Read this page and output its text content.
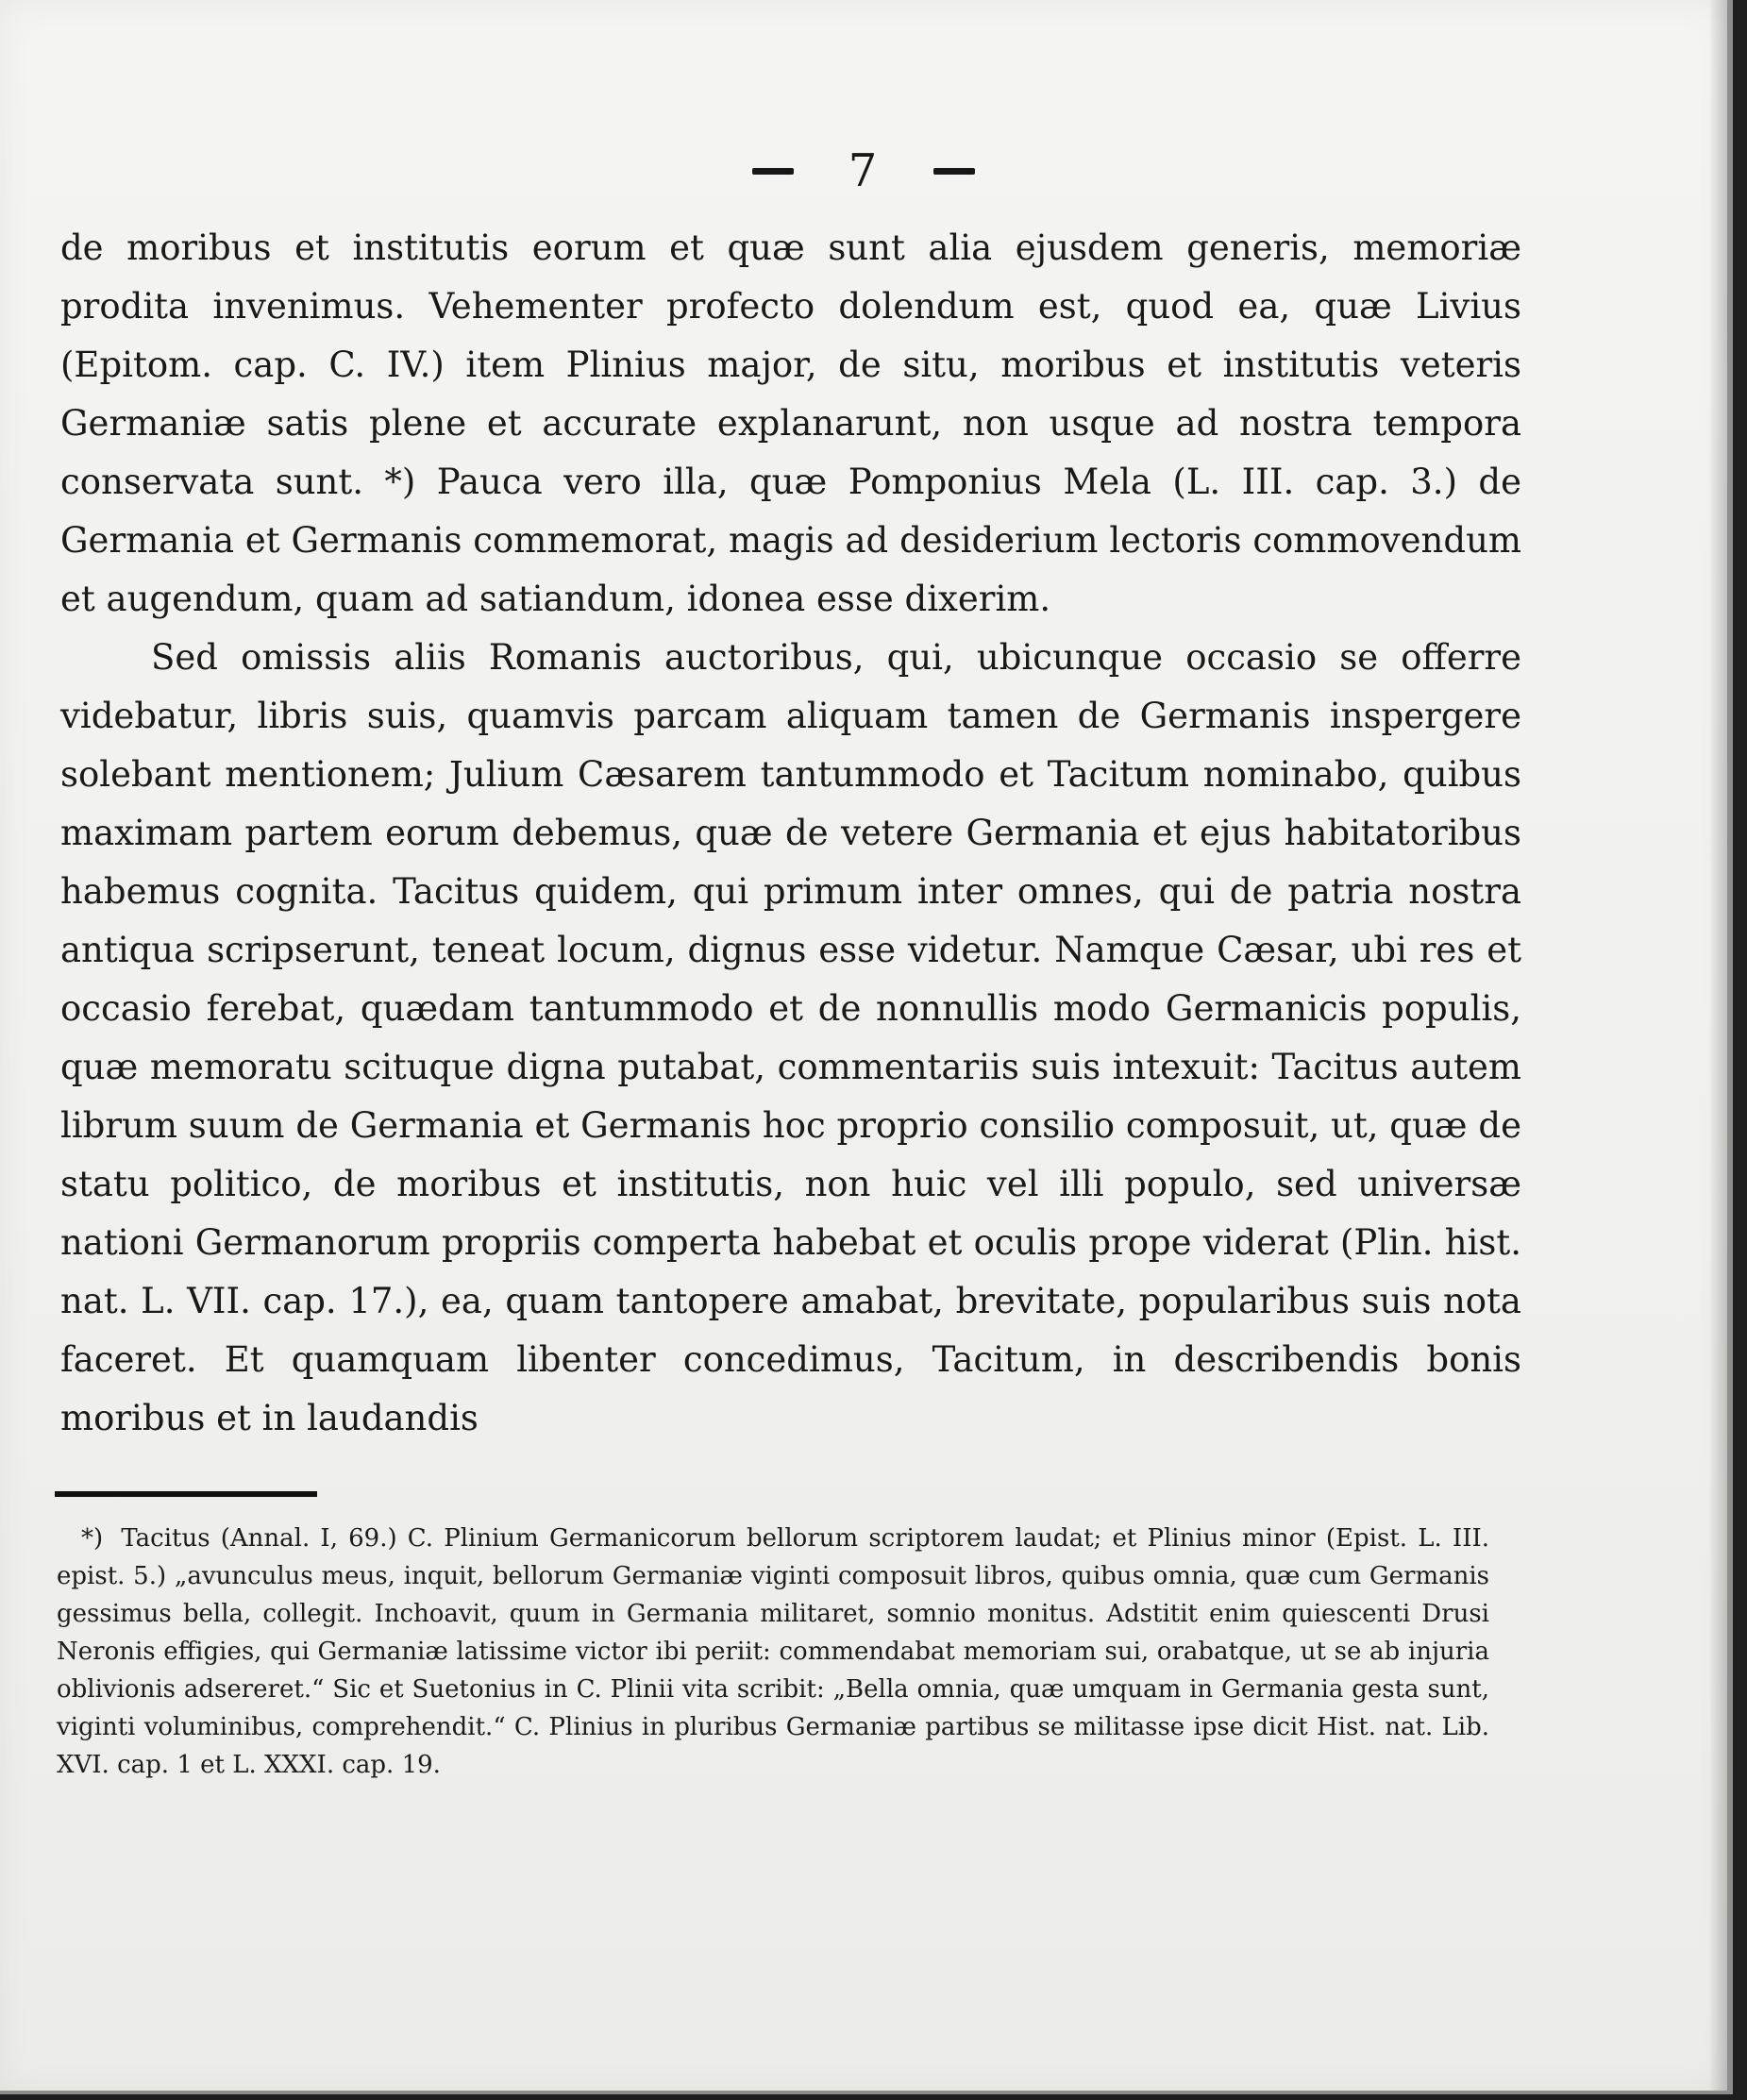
7

de moribus et institutis eorum et quæ sunt alia ejusdem generis, memoriæ prodita invenimus. Vehementer profecto dolendum est, quod ea, quæ Livius (Epitom. cap. C. IV.) item Plinius major, de situ, moribus et institutis veteris Germaniæ satis plene et accurate explanarunt, non usque ad nostra tempora conservata sunt. *) Pauca vero illa, quæ Pomponius Mela (L. III. cap. 3.) de Germania et Germanis commemorat, magis ad desiderium lectoris commovendum et augendum, quam ad satiandum, idonea esse dixerim.

Sed omissis aliis Romanis auctoribus, qui, ubicunque occasio se offerre videbatur, libris suis, quamvis parcam aliquam tamen de Germanis inspergere solebant mentionem; Julium Cæsarem tantummodo et Tacitum nominabo, quibus maximam partem eorum debemus, quæ de vetere Germania et ejus habitatoribus habemus cognita. Tacitus quidem, qui primum inter omnes, qui de patria nostra antiqua scripserunt, teneat locum, dignus esse videtur. Namque Cæsar, ubi res et occasio ferebat, quædam tantummodo et de nonnullis modo Germanicis populis, quæ memoratu scituque digna putabat, commentariis suis intexuit: Tacitus autem librum suum de Germania et Germanis hoc proprio consilio composuit, ut, quæ de statu politico, de moribus et institutis, non huic vel illi populo, sed universæ nationi Germanorum propriis comperta habebat et oculis prope viderat (Plin. hist. nat. L. VII. cap. 17.), ea, quam tantopere amabat, brevitate, popularibus suis nota faceret. Et quamquam libenter concedimus, Tacitum, in describendis bonis moribus et in laudandis

*) Tacitus (Annal. I, 69.) C. Plinium Germanicorum bellorum scriptorem laudat; et Plinius minor (Epist. L. III. epist. 5.) „avunculus meus, inquit, bellorum Germaniæ viginti composuit libros, quibus omnia, quæ cum Germanis gessimus bella, collegit. Inchoavit, quum in Germania militaret, somnio monitus. Adstitit enim quiescenti Drusi Neronis effigies, qui Germaniæ latissime victor ibi periit: commendabat memoriam sui, orabatque, ut se ab injuria oblivionis adsereret.“ Sic et Suetonius in C. Plinii vita scribit: „Bella omnia, quæ umquam in Germania gesta sunt, viginti voluminibus, comprehendit.“ C. Plinius in pluribus Germaniæ partibus se militasse ipse dicit Hist. nat. Lib. XVI. cap. 1 et L. XXXI. cap. 19.
